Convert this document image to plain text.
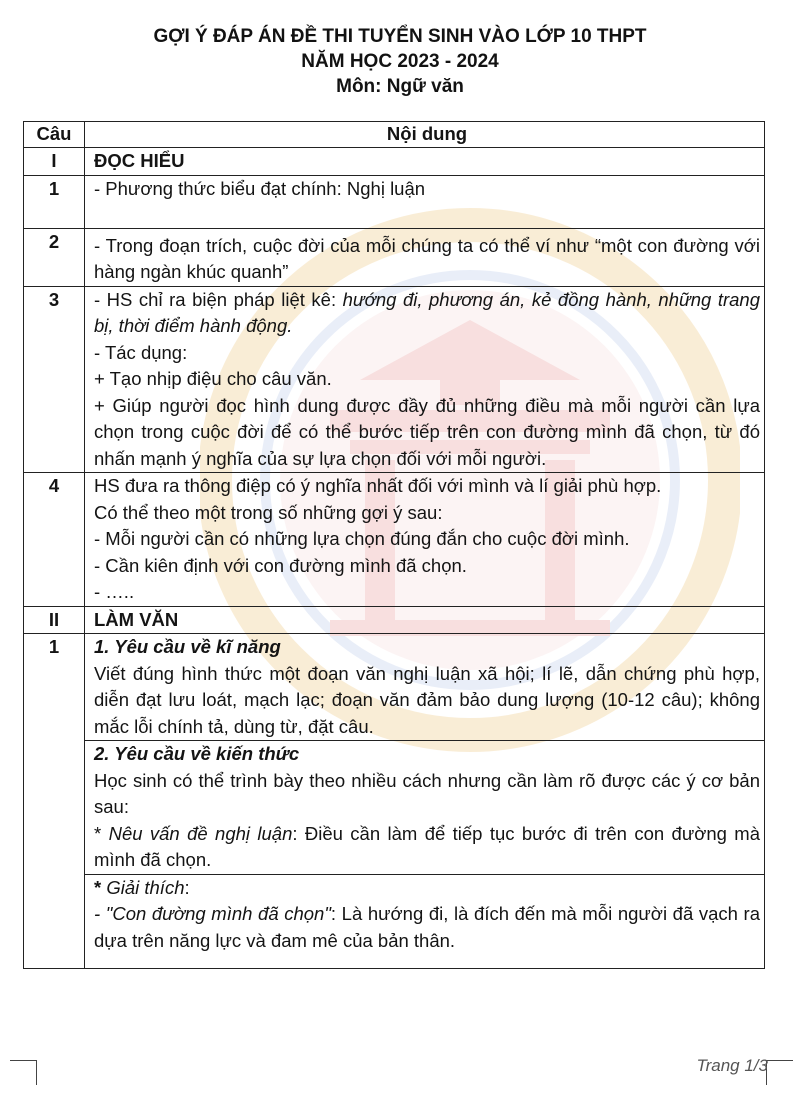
GỢI Ý ĐÁP ÁN ĐỀ THI TUYỂN SINH VÀO LỚP 10 THPT
NĂM HỌC 2023 - 2024
Môn: Ngữ văn
Câu	Nội dung
I	ĐỌC HIỂU
1	- Phương thức biểu đạt chính: Nghị luận
2	- Trong đoạn trích, cuộc đời của mỗi chúng ta có thể ví như “một con đường với hàng ngàn khúc quanh”
3	- HS chỉ ra biện pháp liệt kê: hướng đi, phương án, kẻ đồng hành, những trang bị, thời điểm hành động.
- Tác dụng:
+ Tạo nhịp điệu cho câu văn.
+ Giúp người đọc hình dung được đầy đủ những điều mà mỗi người cần lựa chọn trong cuộc đời để có thể bước tiếp trên con đường mình đã chọn, từ đó nhấn mạnh ý nghĩa của sự lựa chọn đối với mỗi người.

4	HS đưa ra thông điệp có ý nghĩa nhất đối với mình và lí giải phù hợp.
Có thể theo một trong số những gợi ý sau:
- Mỗi người cần có những lựa chọn đúng đắn cho cuộc đời mình.
- Cần kiên định với con đường mình đã chọn.
- …..

II	LÀM VĂN
1	1. Yêu cầu về kĩ năng
Viết đúng hình thức một đoạn văn nghị luận xã hội; lí lẽ, dẫn chứng phù hợp, diễn đạt lưu loát, mạch lạc; đoạn văn đảm bảo dung lượng (10-12 câu); không mắc lỗi chính tả, dùng từ, đặt câu.

	2. Yêu cầu về kiến thức
Học sinh có thể trình bày theo nhiều cách nhưng cần làm rõ được các ý cơ bản sau:
* Nêu vấn đề nghị luận: Điều cần làm để tiếp tục bước đi trên con đường mà mình đã chọn.

	* Giải thích:
- "Con đường mình đã chọn": Là hướng đi, là đích đến mà mỗi người đã vạch ra dựa trên năng lực và đam mê của bản thân.
Trang 1/3
